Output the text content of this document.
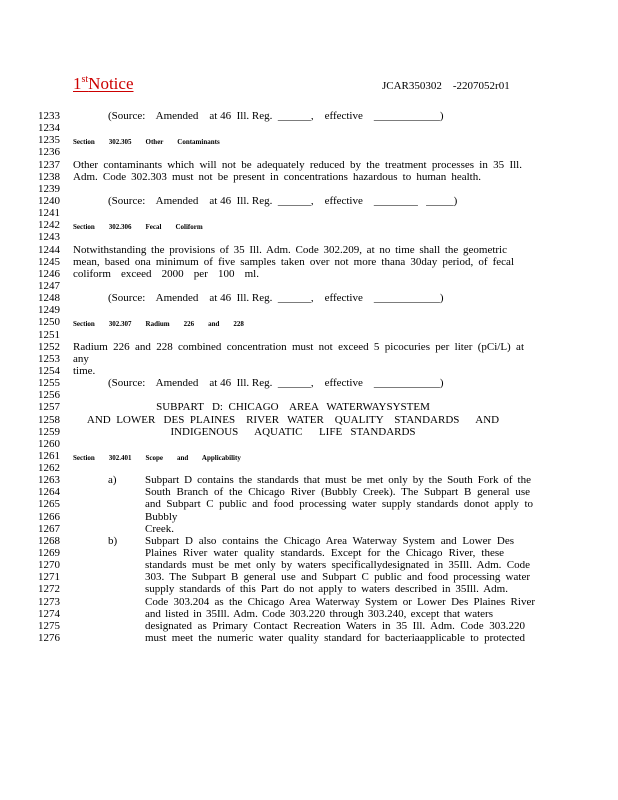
1stNotice	JCAR350302    -2207052r01
1233
1234
1235
1236
1237
1238
1239
1240
1241
1242
1243
1244
1245
1246
1247
1248
1249
1250
1251
1252
1253
1254
1255
1256
1257
1258
1259
1260
1261
1262
1263
1264
1265
1266
1267
1268
1269
1270
1271
1272
1273
1274
1275
1276
(Source:    Amended    at 46  Ill. Reg.  ______,    effective    ____________)
Section        302.305        Other        Contaminants
Other contaminants which will not be adequately reduced by the treatment processes in 35 Ill.
Adm. Code 302.303 must not be present in concentrations hazardous to human health.
(Source:    Amended    at 46  Ill. Reg.  ______,    effective    ________   _____)
Section        302.306        Fecal        Coliform
Notwithstanding the provisions of 35 Ill. Adm. Code 302.209, at no time shall the geometric
mean, based ona minimum of five samples taken over not more thana 30day period, of fecal
coliform exceed 2000 per 100 ml.
(Source:    Amended    at 46  Ill. Reg.  ______,    effective    ____________)
Section        302.307        Radium        226        and        228
Radium 226 and 228 combined concentration must not exceed 5 picocuries per liter (pCi/L) at
any time.
(Source:    Amended    at 46  Ill. Reg.  ______,    effective    ____________)
SUBPART   D:  CHICAGO    AREA   WATERWAYSYSTEM
AND  LOWER   DES  PLAINES    RIVER   WATER    QUALITY    STANDARDS      AND
INDIGENOUS      AQUATIC      LIFE   STANDARDS
Section        302.401        Scope        and        Applicability
a)	Subpart D contains the standards that must be met only by the South Fork of the
South Branch of the Chicago River (Bubbly Creek). The Subpart B general use
and Subpart C public and food processing water supply standards donot apply to
Bubbly Creek.
b)	Subpart D also contains the Chicago Area Waterway System and Lower Des
Plaines River water quality standards. Except for the Chicago River, these
standards must be met only by waters specificallydesignated in 35Ill. Adm. Code
303. The Subpart B general use and Subpart C public and food processing water
supply standards of this Part do not apply to waters described in 35Ill. Adm.
Code 303.204 as the Chicago Area Waterway System or Lower Des Plaines River
and listed in 35Ill. Adm. Code 303.220 through 303.240, except that waters
designated as Primary Contact Recreation Waters in 35 Ill. Adm. Code 303.220
must meet the numeric water quality standard for bacteriaapplicable to protected
